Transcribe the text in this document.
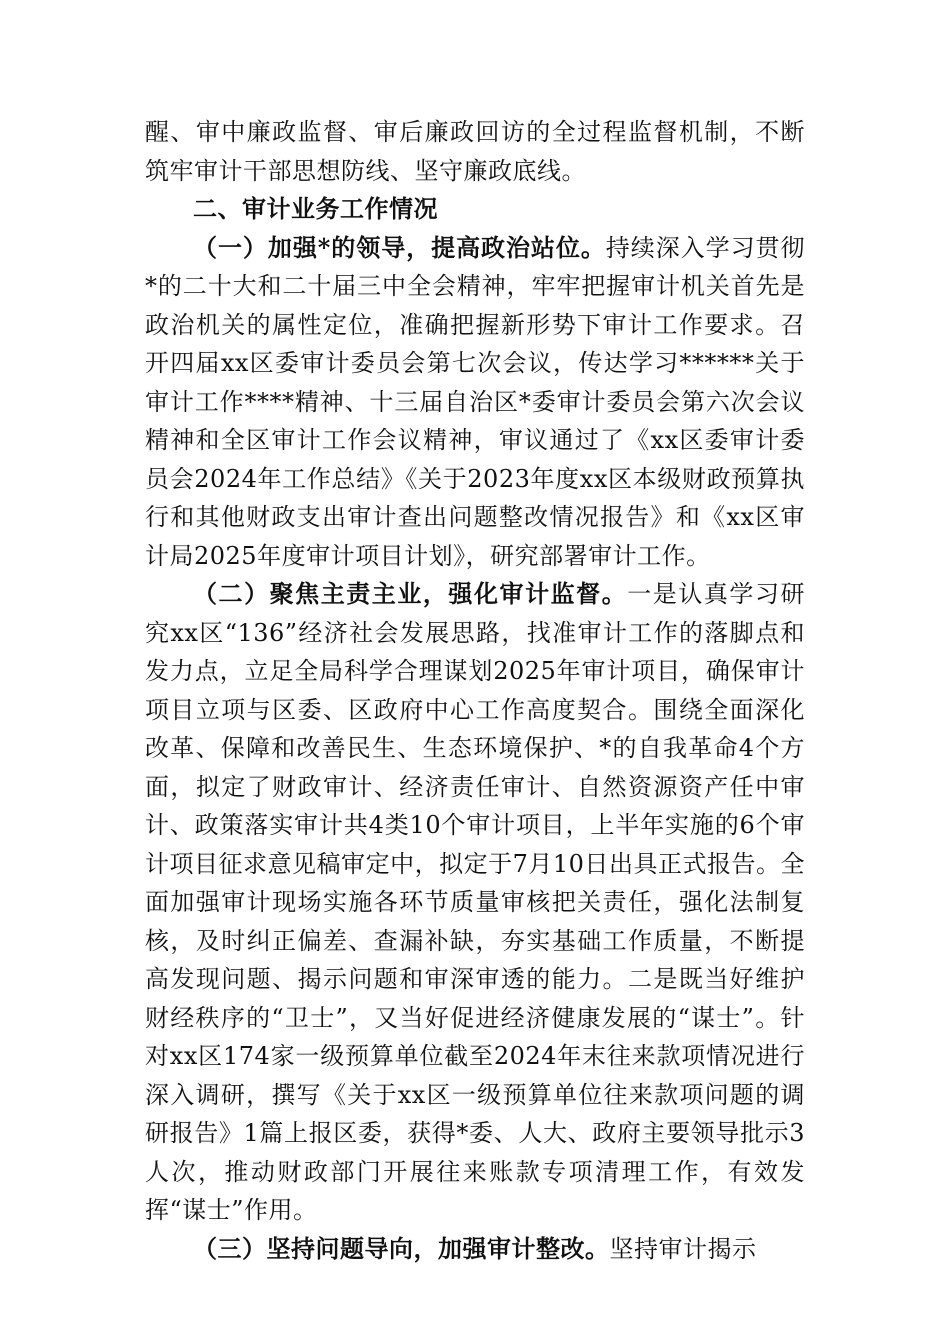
醒、审中廉政监督、审后廉政回访的全过程监督机制，不断筑牢审计干部思想防线、坚守廉政底线。

二、审计业务工作情况

（一）加强*的领导，提高政治站位。持续深入学习贯彻*的二十大和二十届三中全会精神，牢牢把握审计机关首先是政治机关的属性定位，准确把握新形势下审计工作要求。召开四届xx区委审计委员会第七次会议，传达学习******关于审计工作****精神、十三届自治区*委审计委员会第六次会议精神和全区审计工作会议精神，审议通过了《xx区委审计委员会2024年工作总结》《关于2023年度xx区本级财政预算执行和其他财政支出审计查出问题整改情况报告》和《xx区审计局2025年度审计项目计划》，研究部署审计工作。

（二）聚焦主责主业，强化审计监督。一是认真学习研究xx区“136”经济社会发展思路，找准审计工作的落脚点和发力点，立足全局科学合理谋划2025年审计项目，确保审计项目立项与区委、区政府中心工作高度契合。围绕全面深化改革、保障和改善民生、生态环境保护、*的自我革命4个方面，拟定了财政审计、经济责任审计、自然资源资产任中审计、政策落实审计共4类10个审计项目，上半年实施的6个审计项目征求意见稿审定中，拟定于7月10日出具正式报告。全面加强审计现场实施各环节质量审核把关责任，强化法制复核，及时纠正偏差、查漏补缺，夯实基础工作质量，不断提高发现问题、揭示问题和审深审透的能力。二是既当好维护财经秩序的“卫士”，又当好促进经济健康发展的“谋士”。针对xx区174家一级预算单位截至2024年末往来款项情况进行深入调研，撰写《关于xx区一级预算单位往来款项问题的调研报告》1篇上报区委，获得*委、人大、政府主要领导批示3人次，推动财政部门开展往来账款专项清理工作，有效发挥“谋士”作用。

（三）坚持问题导向，加强审计整改。坚持审计揭示
